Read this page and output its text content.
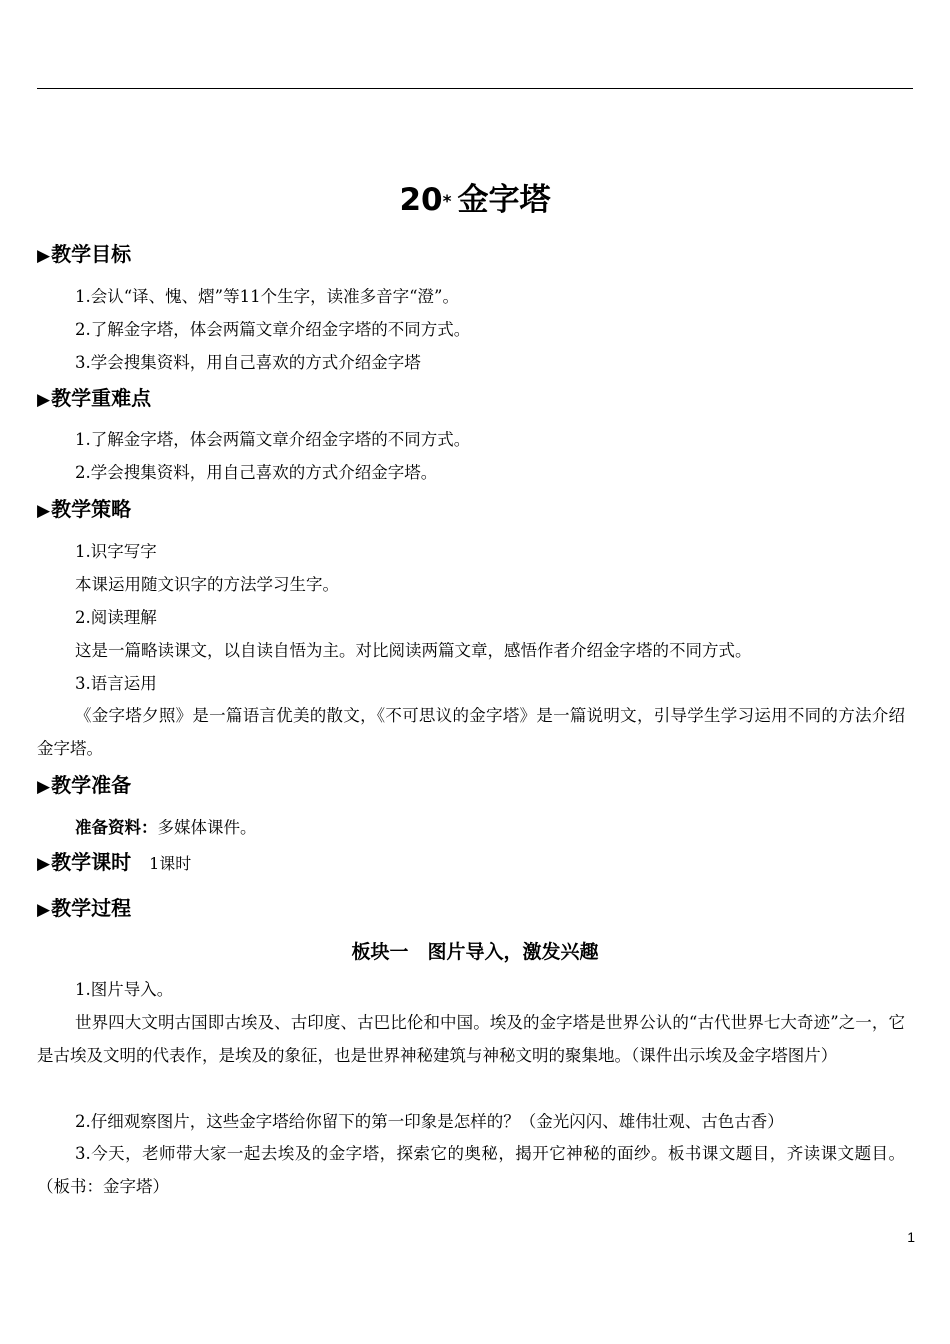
20* 金字塔
▶教学目标
1.会认“译、愧、熠”等11个生字，读准多音字“澄”。
2.了解金字塔，体会两篇文章介绍金字塔的不同方式。
3.学会搜集资料，用自己喜欢的方式介绍金字塔
▶教学重难点
1.了解金字塔，体会两篇文章介绍金字塔的不同方式。
2.学会搜集资料，用自己喜欢的方式介绍金字塔。
▶教学策略
1.识字写字
本课运用随文识字的方法学习生字。
2.阅读理解
这是一篇略读课文，以自读自悟为主。对比阅读两篇文章，感悟作者介绍金字塔的不同方式。
3.语言运用
《金字塔夕照》是一篇语言优美的散文，《不可思议的金字塔》是一篇说明文，引导学生学习运用不同的方法介绍金字塔。
▶教学准备
准备资料：多媒体课件。
▶教学课时 1课时
▶教学过程
板块一　图片导入，激发兴趣
1.图片导入。
世界四大文明古国即古埃及、古印度、古巴比伦和中国。埃及的金字塔是世界公认的“古代世界七大奇迹”之一，它是古埃及文明的代表作，是埃及的象征，也是世界神秘建筑与神秘文明的聚集地。（课件出示埃及金字塔图片）
2.仔细观察图片，这些金字塔给你留下的第一印象是怎样的？（金光闪闪、雄伟壮观、古色古香）
3.今天，老师带大家一起去埃及的金字塔，探索它的奥秘，揭开它神秘的面纱。板书课文题目，齐读课文题目。（板书：金字塔）
1
